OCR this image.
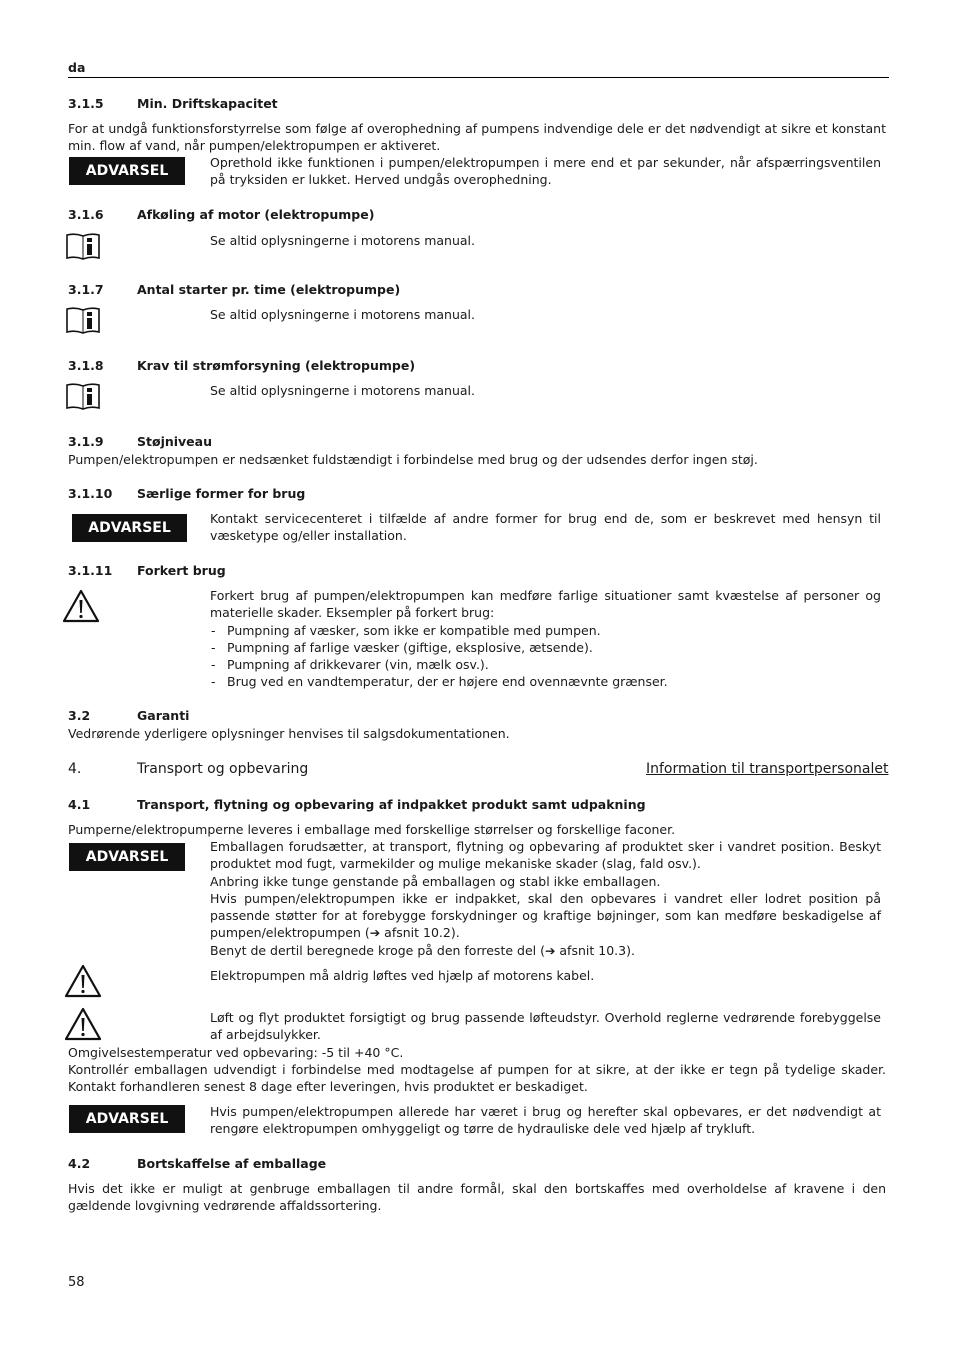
da
3.1.5	Min. Driftskapacitet

For at undgå funktionsforstyrrelse som følge af overophedning af pumpens indvendige dele er det nødvendigt at sikre et konstant min. flow af vand, når pumpen/elektropumpen er aktiveret.

ADVARSEL

Oprethold ikke funktionen i pumpen/elektropumpen i mere end et par sekunder, når afspærringsventilen på tryksiden er lukket. Herved undgås overophedning.

3.1.6	Afkøling af motor (elektropumpe)

Se altid oplysningerne i motorens manual.

3.1.7	Antal starter pr. time (elektropumpe)

Se altid oplysningerne i motorens manual.

3.1.8	Krav til strømforsyning (elektropumpe)

Se altid oplysningerne i motorens manual.

3.1.9	Støjniveau

Pumpen/elektropumpen er nedsænket fuldstændigt i forbindelse med brug og der udsendes derfor ingen støj.

3.1.10 Særlige former for brug
ADVARSEL

Kontakt servicecenteret i tilfælde af andre former for brug end de, som er beskrevet med hensyn til væsketype og/eller installation.

3.1.11 Forkert brug

Forkert brug af pumpen/elektropumpen kan medføre farlige situationer samt kvæstelse af personer og materielle skader. Eksempler på forkert brug:

- Pumpning af væsker, som ikke er kompatible med pumpen.
- Pumpning af farlige væsker (giftige, eksplosive, ætsende).
- Pumpning af drikkevarer (vin, mælk osv.).
- Brug ved en vandtemperatur, der er højere end ovennævnte grænser.
3.2	Garanti

Vedrørende yderligere oplysninger henvises til salgsdokumentationen.

4.	Transport og opbevaring	Information til transportpersonalet
4.1	Transport, flytning og opbevaring af indpakket produkt samt udpakning

Pumperne/elektropumperne leveres i emballage med forskellige størrelser og forskellige faconer.

ADVARSEL

Emballagen forudsætter, at transport, flytning og opbevaring af produktet sker i vandret position. Beskyt produktet mod fugt, varmekilder og mulige mekaniske skader (slag, fald osv.).

Anbring ikke tunge genstande på emballagen og stabl ikke emballagen.

Hvis pumpen/elektropumpen ikke er indpakket, skal den opbevares i vandret eller lodret position på passende støtter for at forebygge forskydninger og kraftige bøjninger, som kan medføre beskadigelse af pumpen/elektropumpen (➔ afsnit 10.2).

Benyt de dertil beregnede kroge på den forreste del (➔ afsnit 10.3).

Elektropumpen må aldrig løftes ved hjælp af motorens kabel.

Løft og flyt produktet forsigtigt og brug passende løfteudstyr. Overhold reglerne vedrørende forebyggelse af arbejdsulykker.

Omgivelsestemperatur ved opbevaring: -5 til +40 °C.

Kontrollér emballagen udvendigt i forbindelse med modtagelse af pumpen for at sikre, at der ikke er tegn på tydelige skader. Kontakt forhandleren senest 8 dage efter leveringen, hvis produktet er beskadiget.

ADVARSEL	Hvis pumpen/elektropumpen allerede har været i brug og herefter skal opbevares, er det nødvendigt at rengøre elektropumpen omhyggeligt og tørre de hydrauliske dele ved hjælp af trykluft.

4.2	Bortskaffelse af emballage

Hvis det ikke er muligt at genbruge emballagen til andre formål, skal den bortskaffes med overholdelse af kravene i den gældende lovgivning vedrørende affaldssortering.

58
